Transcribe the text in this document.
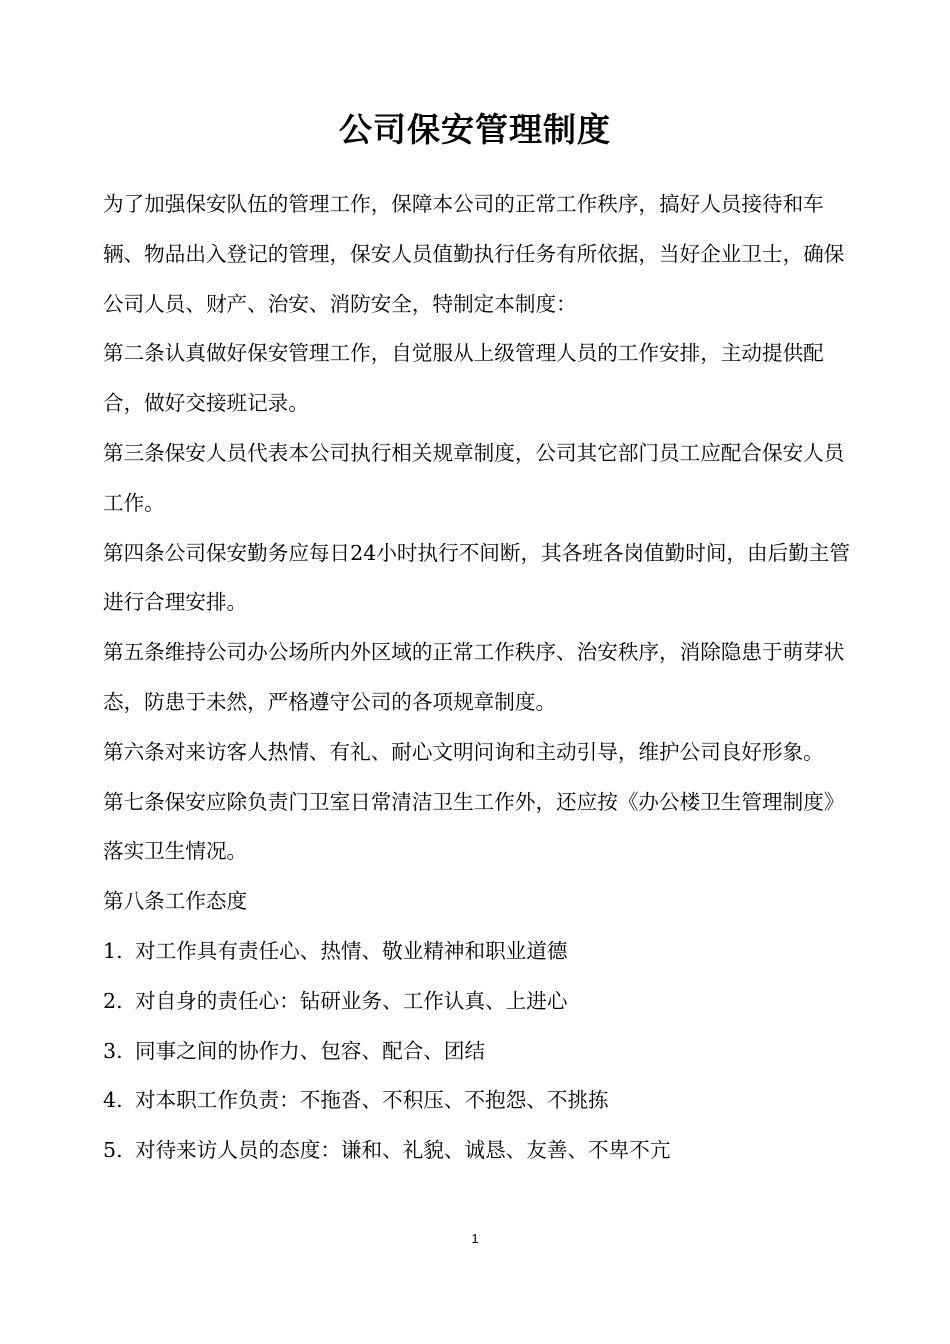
公司保安管理制度

为了加强保安队伍的管理工作，保障本公司的正常工作秩序，搞好人员接待和车辆、物品出入登记的管理，保安人员值勤执行任务有所依据，当好企业卫士，确保公司人员、财产、治安、消防安全，特制定本制度：

第二条认真做好保安管理工作，自觉服从上级管理人员的工作安排，主动提供配合，做好交接班记录。

第三条保安人员代表本公司执行相关规章制度，公司其它部门员工应配合保安人员工作。

第四条公司保安勤务应每日24小时执行不间断，其各班各岗值勤时间，由后勤主管进行合理安排。

第五条维持公司办公场所内外区域的正常工作秩序、治安秩序，消除隐患于萌芽状态，防患于未然，严格遵守公司的各项规章制度。

第六条对来访客人热情、有礼、耐心文明问询和主动引导，维护公司良好形象。

第七条保安应除负责门卫室日常清洁卫生工作外，还应按《办公楼卫生管理制度》落实卫生情况。

第八条工作态度

1. 对工作具有责任心、热情、敬业精神和职业道德

2. 对自身的责任心：钻研业务、工作认真、上进心

3. 同事之间的协作力、包容、配合、团结

4. 对本职工作负责：不拖沓、不积压、不抱怨、不挑拣

5. 对待来访人员的态度：谦和、礼貌、诚恳、友善、不卑不亢

1
